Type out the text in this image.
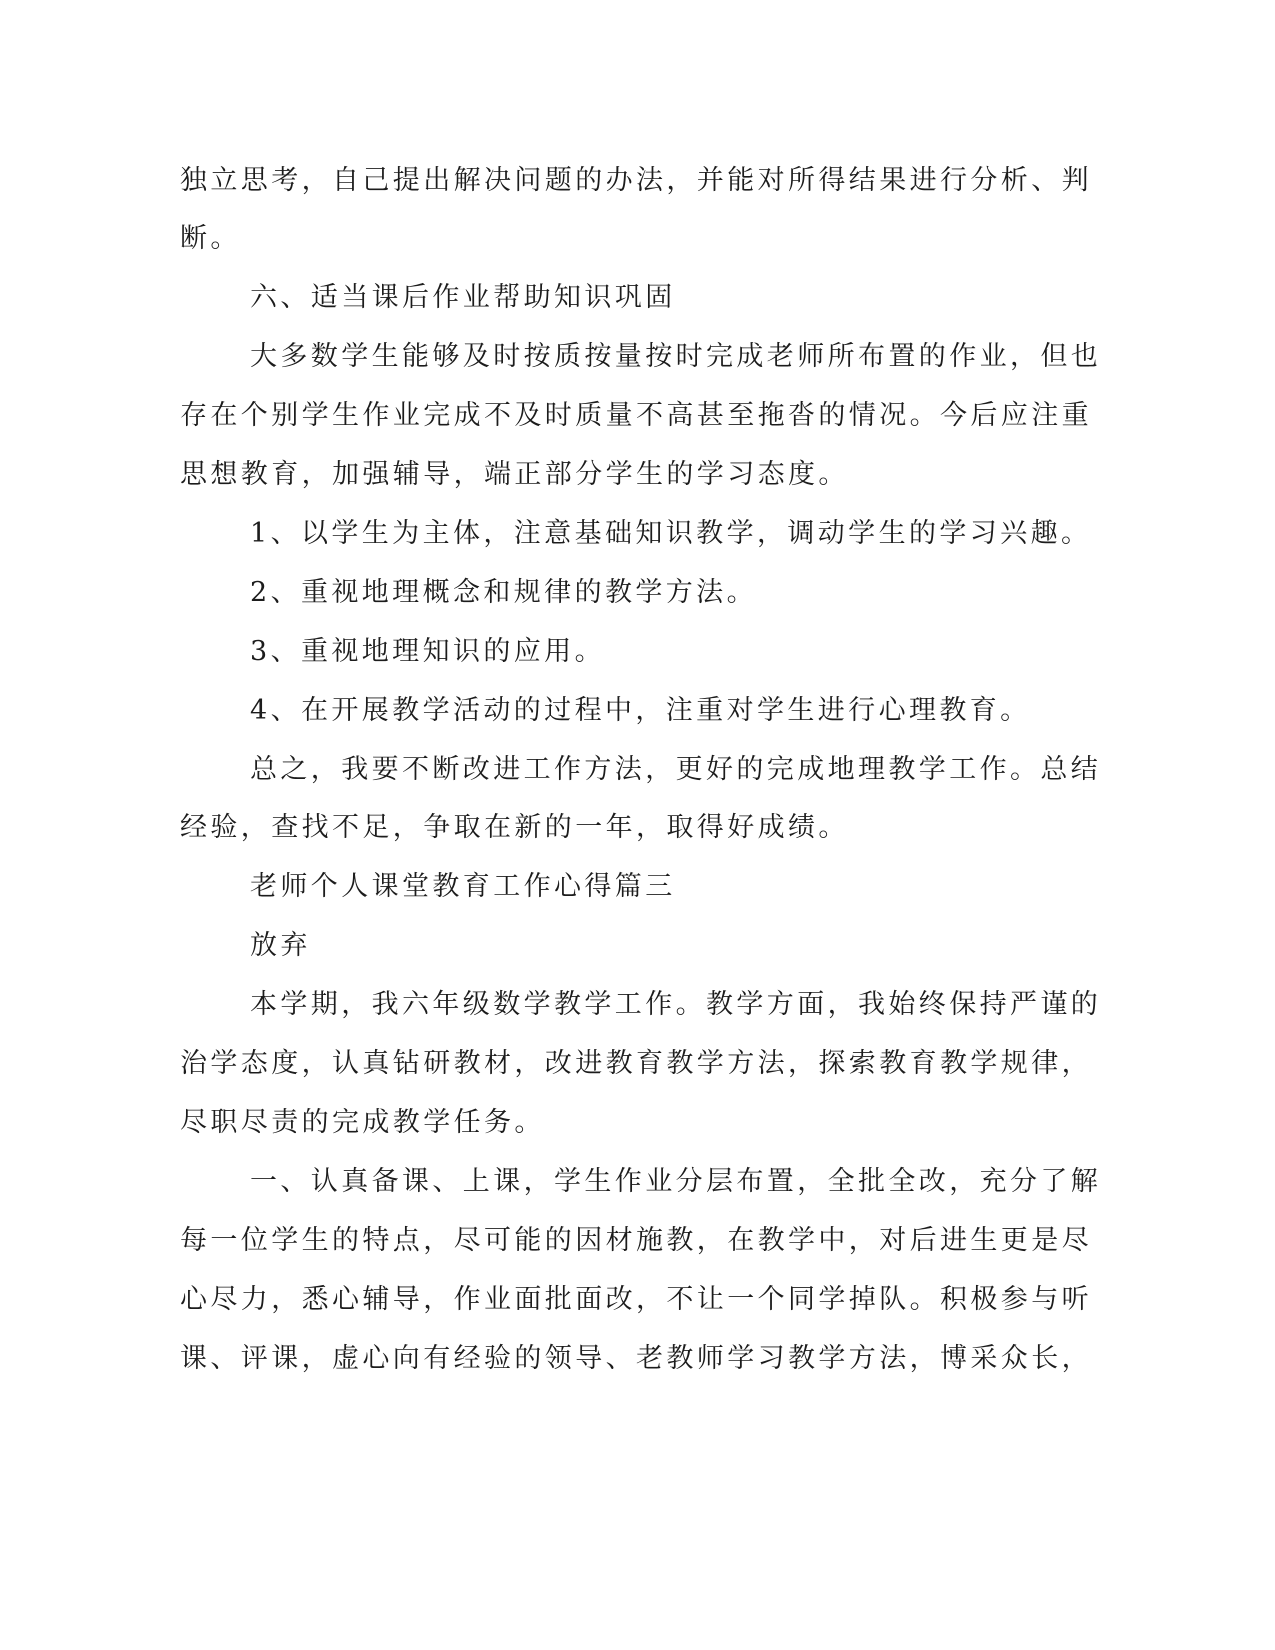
独立思考，自己提出解决问题的办法，并能对所得结果进行分析、判
断。
六、适当课后作业帮助知识巩固
大多数学生能够及时按质按量按时完成老师所布置的作业，但也
存在个别学生作业完成不及时质量不高甚至拖沓的情况。今后应注重
思想教育，加强辅导，端正部分学生的学习态度。
1、以学生为主体，注意基础知识教学，调动学生的学习兴趣。
2、重视地理概念和规律的教学方法。
3、重视地理知识的应用。
4、在开展教学活动的过程中，注重对学生进行心理教育。
总之，我要不断改进工作方法，更好的完成地理教学工作。总结
经验，查找不足，争取在新的一年，取得好成绩。
老师个人课堂教育工作心得篇三
放弃
本学期，我六年级数学教学工作。教学方面，我始终保持严谨的
治学态度，认真钻研教材，改进教育教学方法，探索教育教学规律，
尽职尽责的完成教学任务。
一、认真备课、上课，学生作业分层布置，全批全改，充分了解
每一位学生的特点，尽可能的因材施教，在教学中，对后进生更是尽
心尽力，悉心辅导，作业面批面改，不让一个同学掉队。积极参与听
课、评课，虚心向有经验的领导、老教师学习教学方法，博采众长，
